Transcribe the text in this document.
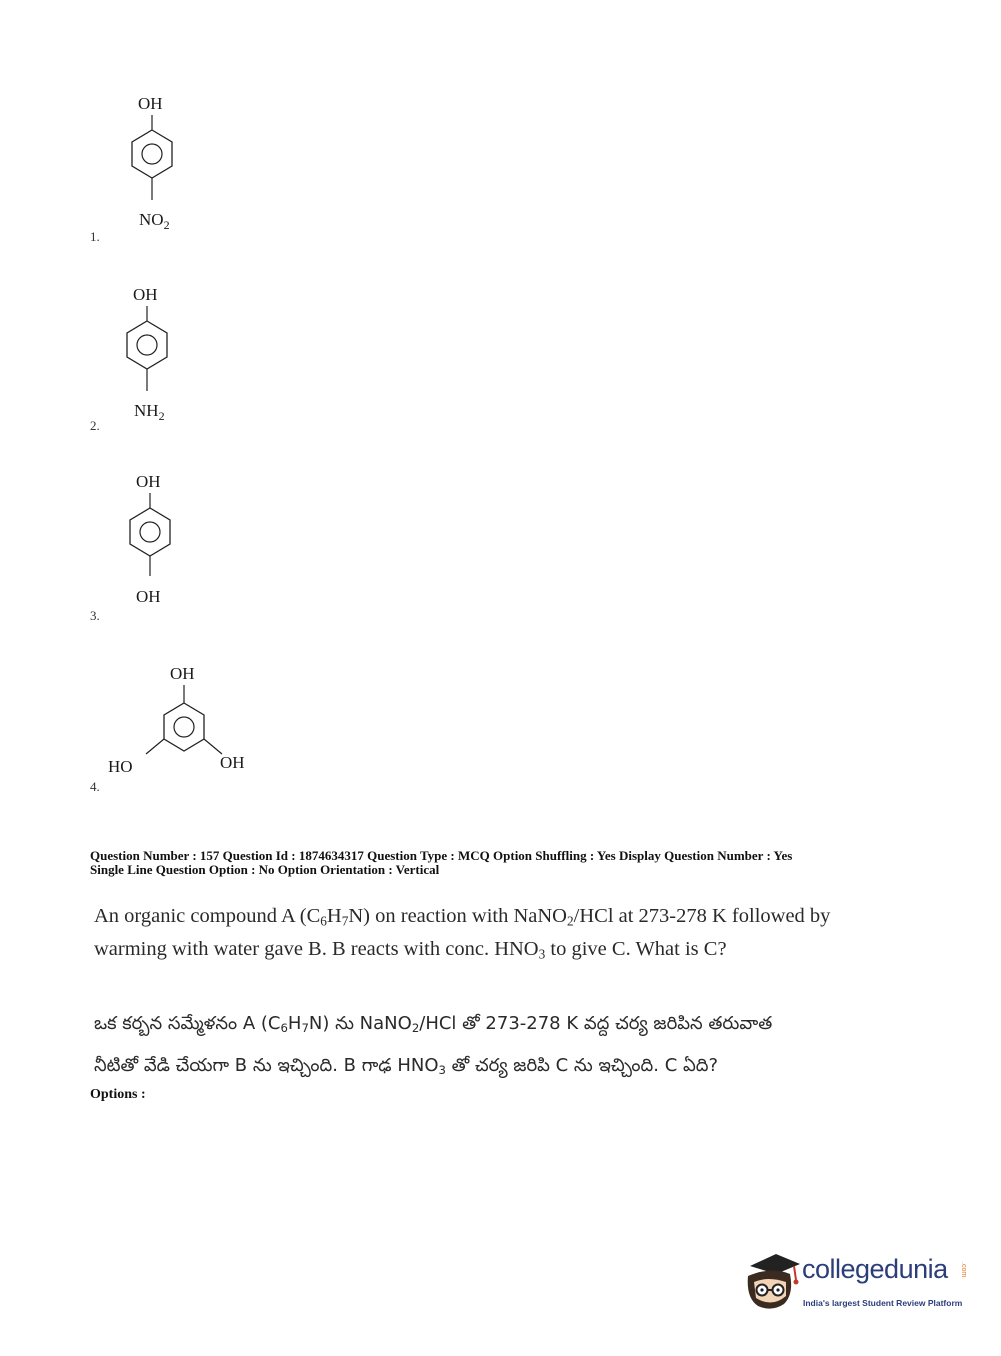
1.
OH
$NO_2$
2.
OH
$NH_2$
3.
OH
OH
4.
OH
HO	OH

Question Number : 157 Question Id : 1874634317 Question Type : MCQ Option Shuffling : Yes Display Question Number : Yes

Single Line Question Option : No Option Orientation : Vertical

An organic compound A $(C_6H_7N)$ on reaction with NaNO$_2$/HCl at 273-278 K followed by

warming with water gave B. B reacts with conc. $HNO_3$ to give C. What is C?

ఒక కర్బన సమ్మేళనం A $(C_6H_7N)$ ను NaNO$_2$/HCl తో 273-278 K వద్ద చర్య జరిపిన తరువాత

నీటితో వేడి చేయగా B ను ఇచ్చింది. B గాఢ $HNO_3$ తో చర్య జరిపి C ను ఇచ్చింది. C ఏది?

Options :
collegedunia .com
India's largest Student Review Platform
